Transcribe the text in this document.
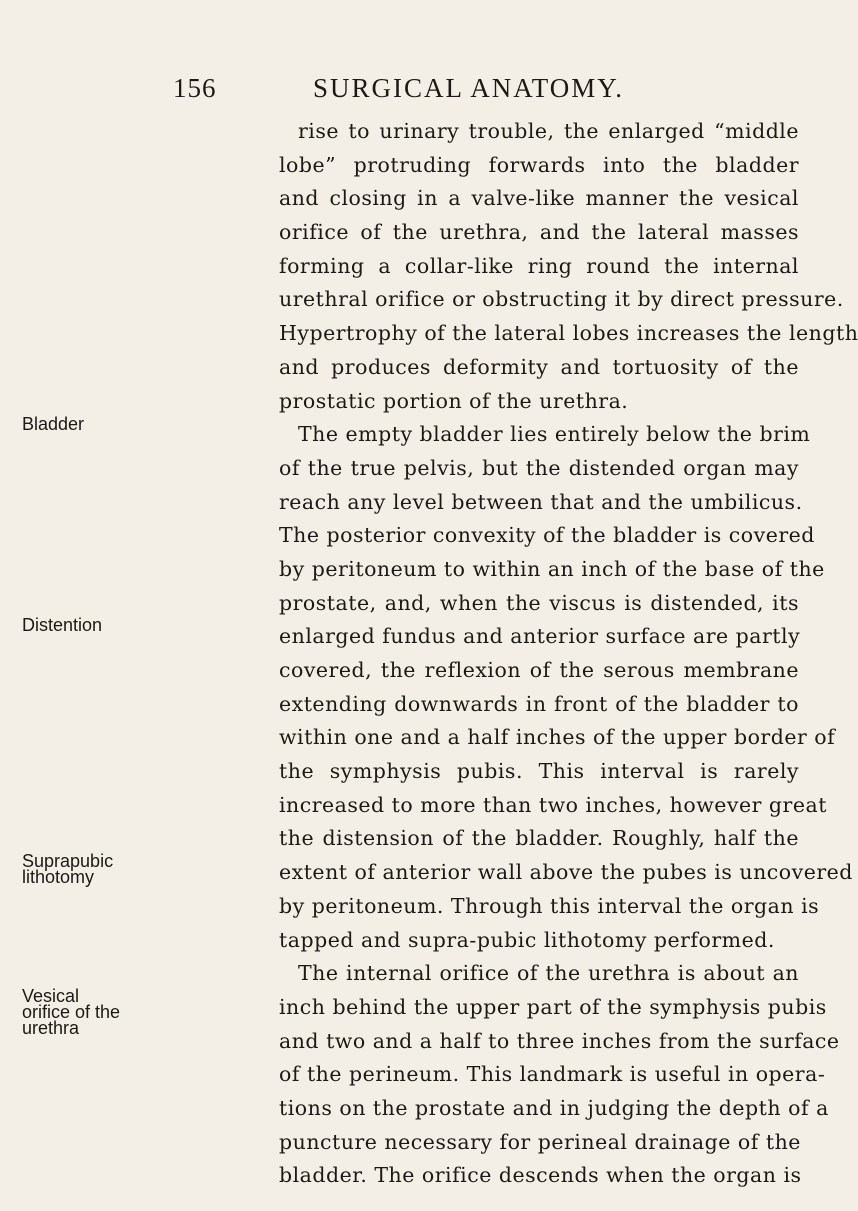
156	SURGICAL ANATOMY.
Bladder
Distention
Suprapubic lithotomy
Vesical orifice of the urethra
rise to urinary trouble, the enlarged “middle
lobe” protruding forwards into the bladder
and closing in a valve-like manner the vesical
orifice of the urethra, and the lateral masses
forming a collar-like ring round the internal
urethral orifice or obstructing it by direct pressure.
Hypertrophy of the lateral lobes increases the length
and produces deformity and tortuosity of the
prostatic portion of the urethra.
The empty bladder lies entirely below the brim
of the true pelvis, but the distended organ may
reach any level between that and the umbilicus.
The posterior convexity of the bladder is covered
by peritoneum to within an inch of the base of the
prostate, and, when the viscus is distended, its
enlarged fundus and anterior surface are partly
covered, the reflexion of the serous membrane
extending downwards in front of the bladder to
within one and a half inches of the upper border of
the symphysis pubis. This interval is rarely
increased to more than two inches, however great
the distension of the bladder. Roughly, half the
extent of anterior wall above the pubes is uncovered
by peritoneum. Through this interval the organ is
tapped and supra-pubic lithotomy performed.
The internal orifice of the urethra is about an
inch behind the upper part of the symphysis pubis
and two and a half to three inches from the surface
of the perineum. This landmark is useful in opera-
tions on the prostate and in judging the depth of a
puncture necessary for perineal drainage of the
bladder. The orifice descends when the organ is
